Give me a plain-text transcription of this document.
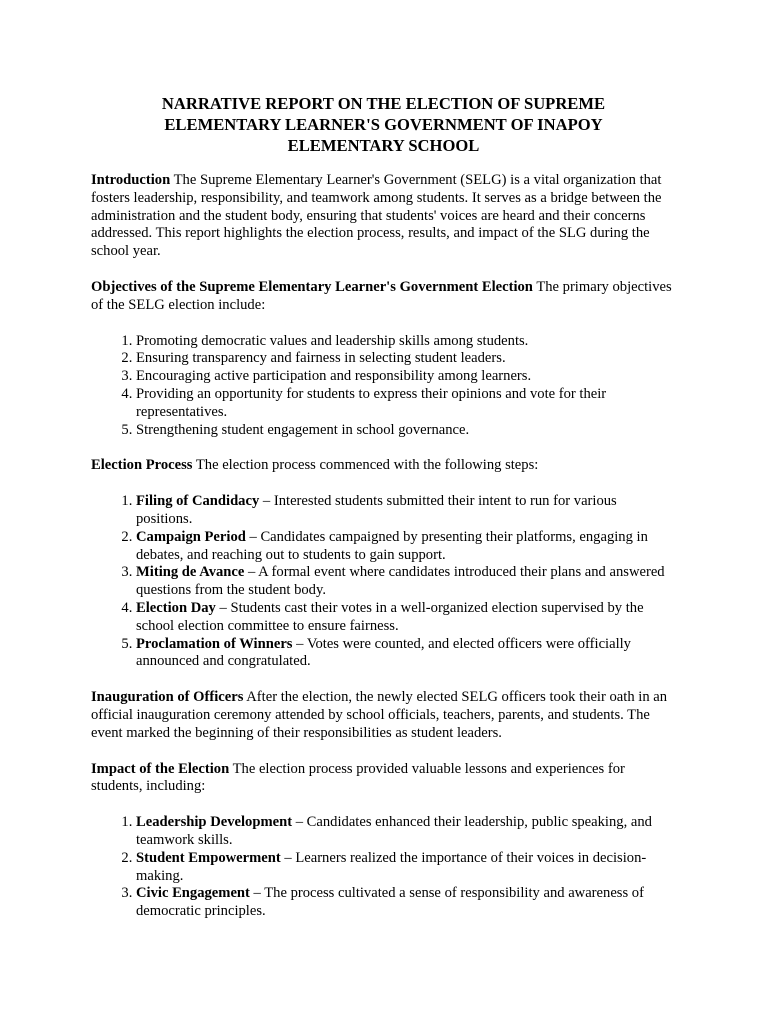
NARRATIVE REPORT ON THE ELECTION OF SUPREME ELEMENTARY LEARNER'S GOVERNMENT OF INAPOY ELEMENTARY SCHOOL

Introduction The Supreme Elementary Learner's Government (SELG) is a vital organization that fosters leadership, responsibility, and teamwork among students. It serves as a bridge between the administration and the student body, ensuring that students' voices are heard and their concerns addressed. This report highlights the election process, results, and impact of the SLG during the school year.

Objectives of the Supreme Elementary Learner's Government Election The primary objectives of the SELG election include:

1. Promoting democratic values and leadership skills among students.
2. Ensuring transparency and fairness in selecting student leaders.
3. Encouraging active participation and responsibility among learners.
4. Providing an opportunity for students to express their opinions and vote for their representatives.
5. Strengthening student engagement in school governance.

Election Process The election process commenced with the following steps:

1. Filing of Candidacy – Interested students submitted their intent to run for various positions.
2. Campaign Period – Candidates campaigned by presenting their platforms, engaging in debates, and reaching out to students to gain support.
3. Miting de Avance – A formal event where candidates introduced their plans and answered questions from the student body.
4. Election Day – Students cast their votes in a well-organized election supervised by the school election committee to ensure fairness.
5. Proclamation of Winners – Votes were counted, and elected officers were officially announced and congratulated.

Inauguration of Officers After the election, the newly elected SELG officers took their oath in an official inauguration ceremony attended by school officials, teachers, parents, and students. The event marked the beginning of their responsibilities as student leaders.

Impact of the Election The election process provided valuable lessons and experiences for students, including:

1. Leadership Development – Candidates enhanced their leadership, public speaking, and teamwork skills.
2. Student Empowerment – Learners realized the importance of their voices in decision-making.
3. Civic Engagement – The process cultivated a sense of responsibility and awareness of democratic principles.
